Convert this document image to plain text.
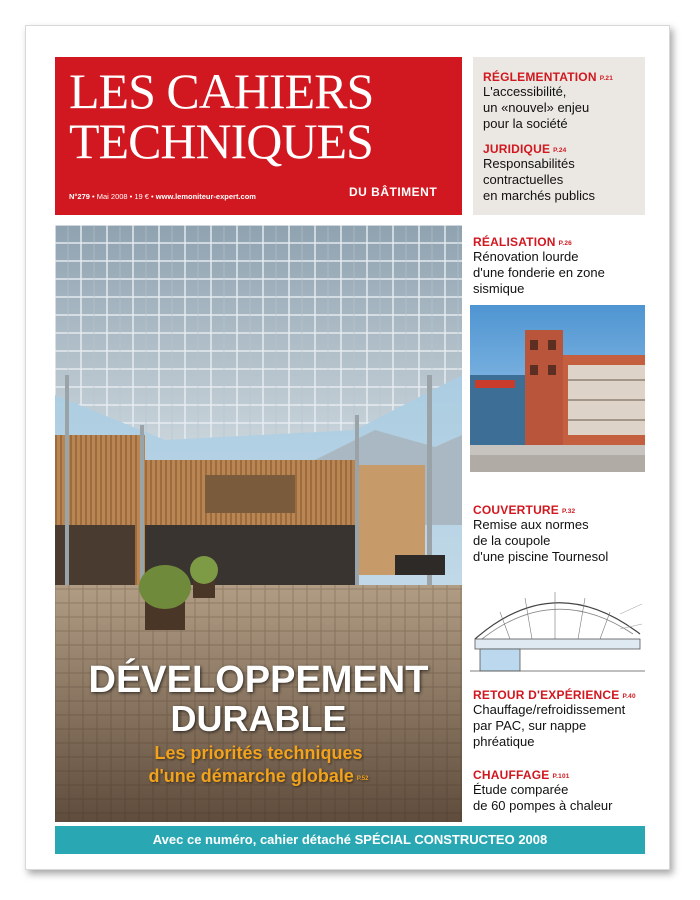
LES CAHIERS
TECHNIQUES
DU BÂTIMENT
N°279 • Mai 2008 • 19 € • www.lemoniteur-expert.com
RÉGLEMENTATION P.21
L'accessibilité,
un «nouvel» enjeu
pour la société
JURIDIQUE P.24
Responsabilités
contractuelles
en marchés publics
DÉVELOPPEMENT
DURABLE
Les priorités techniques
d'une démarche globale P.52
RÉALISATION P.26
Rénovation lourde
d'une fonderie en zone
sismique
COUVERTURE P.32
Remise aux normes
de la coupole
d'une piscine Tournesol
RETOUR D'EXPÉRIENCE P.40
Chauffage/refroidissement
par PAC, sur nappe
phréatique
CHAUFFAGE P.101
Étude comparée
de 60 pompes à chaleur
Avec ce numéro, cahier détaché SPÉCIAL CONSTRUCTEO 2008
